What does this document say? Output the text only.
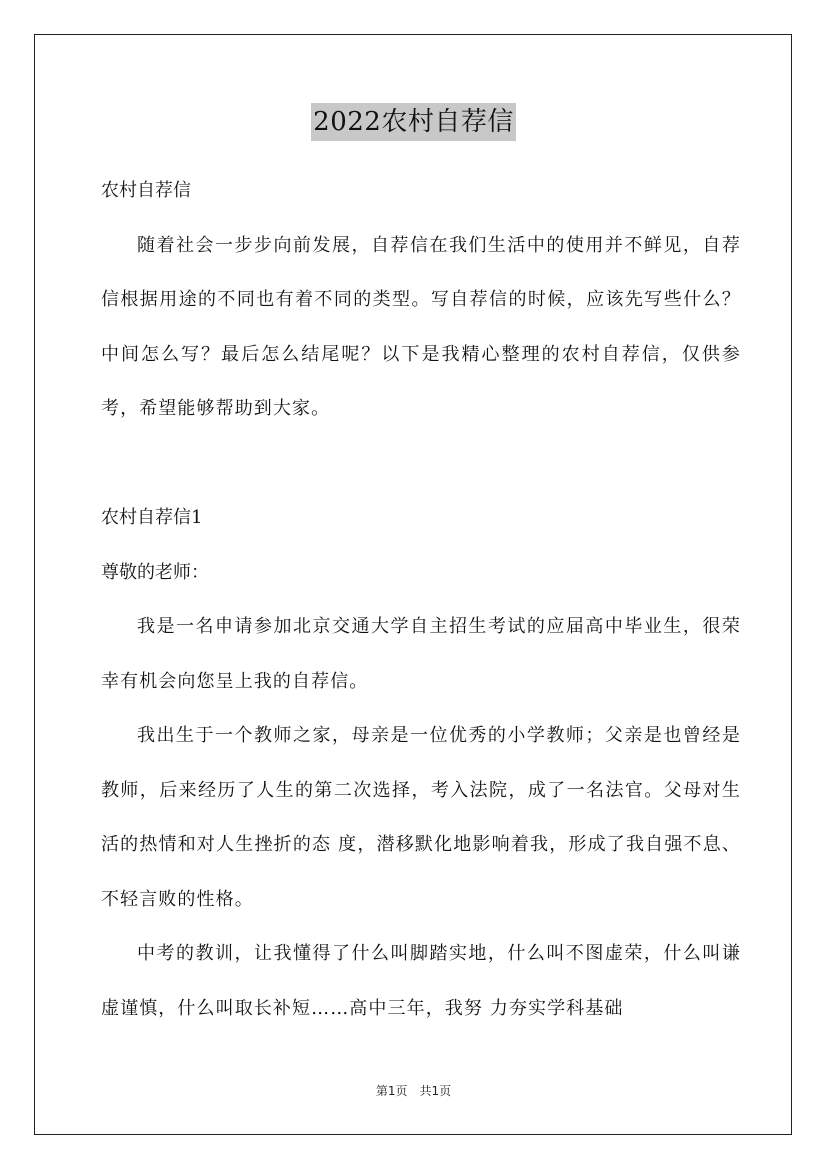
2022农村自荐信

农村自荐信

随着社会一步步向前发展，自荐信在我们生活中的使用并不鲜见，自荐信根据用途的不同也有着不同的类型。写自荐信的时候，应该先写些什么？中间怎么写？最后怎么结尾呢？以下是我精心整理的农村自荐信，仅供参考，希望能够帮助到大家。

农村自荐信1

尊敬的老师：

我是一名申请参加北京交通大学自主招生考试的应届高中毕业生，很荣幸有机会向您呈上我的自荐信。

我出生于一个教师之家，母亲是一位优秀的小学教师；父亲是也曾经是教师，后来经历了人生的第二次选择，考入法院，成了一名法官。父母对生活的热情和对人生挫折的态 度，潜移默化地影响着我，形成了我自强不息、不轻言败的性格。

中考的教训，让我懂得了什么叫脚踏实地，什么叫不图虚荣，什么叫谦虚谨慎，什么叫取长补短……高中三年，我努 力夯实学科基础

第1页　共1页
